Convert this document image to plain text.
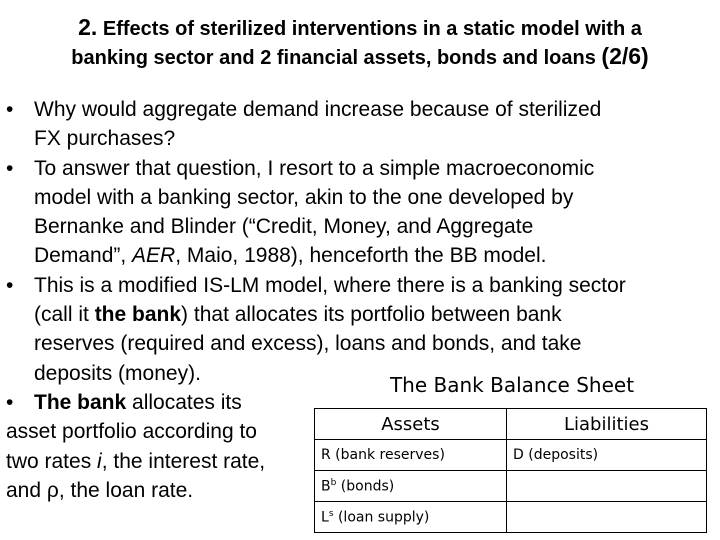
2. Effects of sterilized interventions in a static model with a
banking sector and 2 financial assets, bonds and loans (2/6)
• Why would aggregate demand increase because of sterilized
FX purchases?
• To answer that question, I resort to a simple macroeconomic
model with a banking sector, akin to the one developed by
Bernanke and Blinder (“Credit, Money, and Aggregate
Demand”, AER, Maio, 1988), henceforth the BB model.
• This is a modified IS-LM model, where there is a banking sector
(call it the bank) that allocates its portfolio between bank
reserves (required and excess), loans and bonds, and take
deposits (money).
• The bank allocates its
asset portfolio according to
two rates i, the interest rate,
and ρ, the loan rate.
The Bank Balance Sheet
Assets	Liabilities
R (bank reserves)	D (deposits)
$B^b$ (bonds)	
$L^s$ (loan supply)	
